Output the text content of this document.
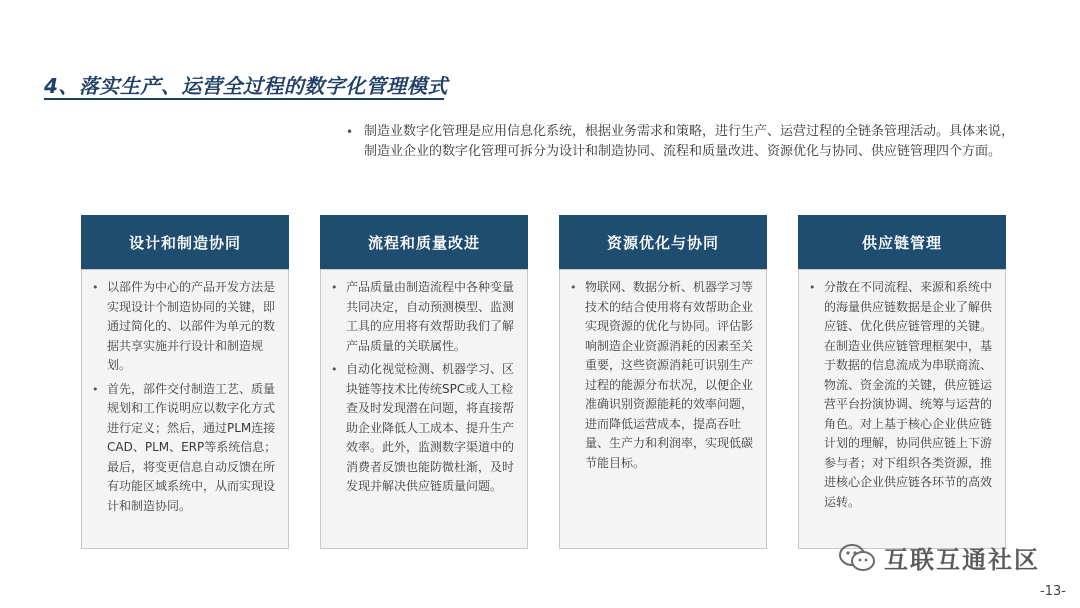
4、落实生产、运营全过程的数字化管理模式
• 制造业数字化管理是应用信息化系统，根据业务需求和策略，进行生产、运营过程的全链条管理活动。具体来说，制造业企业的数字化管理可拆分为设计和制造协同、流程和质量改进、资源优化与协同、供应链管理四个方面。
设计和制造协同
• 以部件为中心的产品开发方法是实现设计个制造协同的关键，即通过简化的、以部件为单元的数据共享实施并行设计和制造规划。
• 首先，部件交付制造工艺、质量规划和工作说明应以数字化方式进行定义；然后，通过PLM连接CAD、PLM、ERP等系统信息；最后，将变更信息自动反馈在所有功能区域系统中，从而实现设计和制造协同。
流程和质量改进
• 产品质量由制造流程中各种变量共同决定，自动预测模型、监测工具的应用将有效帮助我们了解产品质量的关联属性。
• 自动化视觉检测、机器学习、区块链等技术比传统SPC或人工检查及时发现潜在问题，将直接帮助企业降低人工成本、提升生产效率。此外，监测数字渠道中的消费者反馈也能防微杜渐，及时发现并解决供应链质量问题。
资源优化与协同
• 物联网、数据分析、机器学习等技术的结合使用将有效帮助企业实现资源的优化与协同。评估影响制造企业资源消耗的因素至关重要，这些资源消耗可识别生产过程的能源分布状况，以便企业准确识别资源能耗的效率问题，进而降低运营成本，提高吞吐量、生产力和利润率，实现低碳节能目标。
供应链管理
• 分散在不同流程、来源和系统中的海量供应链数据是企业了解供应链、优化供应链管理的关键。在制造业供应链管理框架中，基于数据的信息流成为串联商流、物流、资金流的关键，供应链运营平台扮演协调、统筹与运营的角色。对上基于核心企业供应链计划的理解，协同供应链上下游参与者；对下组织各类资源，推进核心企业供应链各环节的高效运转。
互联互通社区
-13-
